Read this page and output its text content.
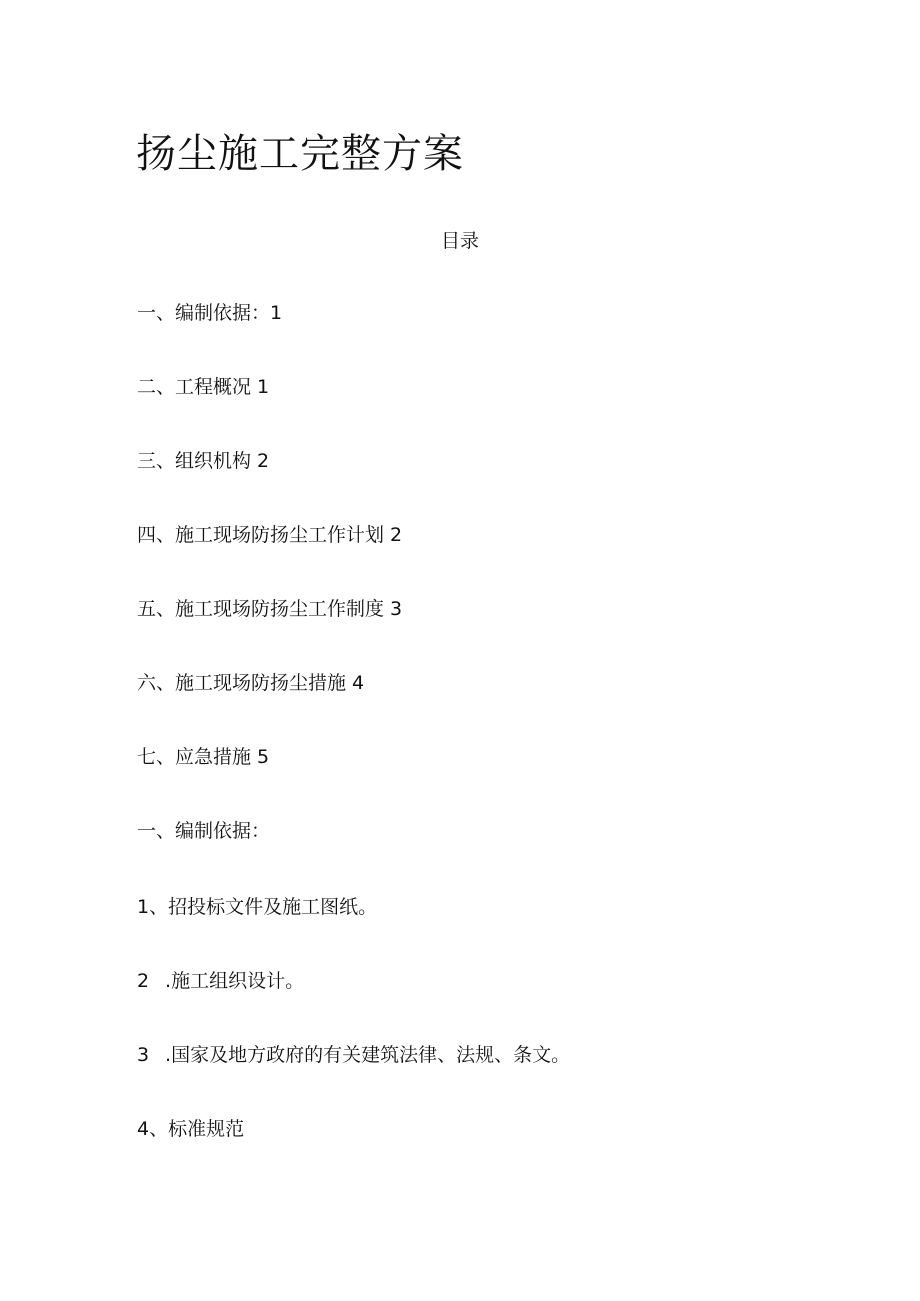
扬尘施工完整方案
目录
一、编制依据：1
二、工程概况 1
三、组织机构 2
四、施工现场防扬尘工作计划 2
五、施工现场防扬尘工作制度 3
六、施工现场防扬尘措施 4
七、应急措施 5
一、编制依据：
1、招投标文件及施工图纸。
2 .施工组织设计。
3 .国家及地方政府的有关建筑法律、法规、条文。
4、标准规范
